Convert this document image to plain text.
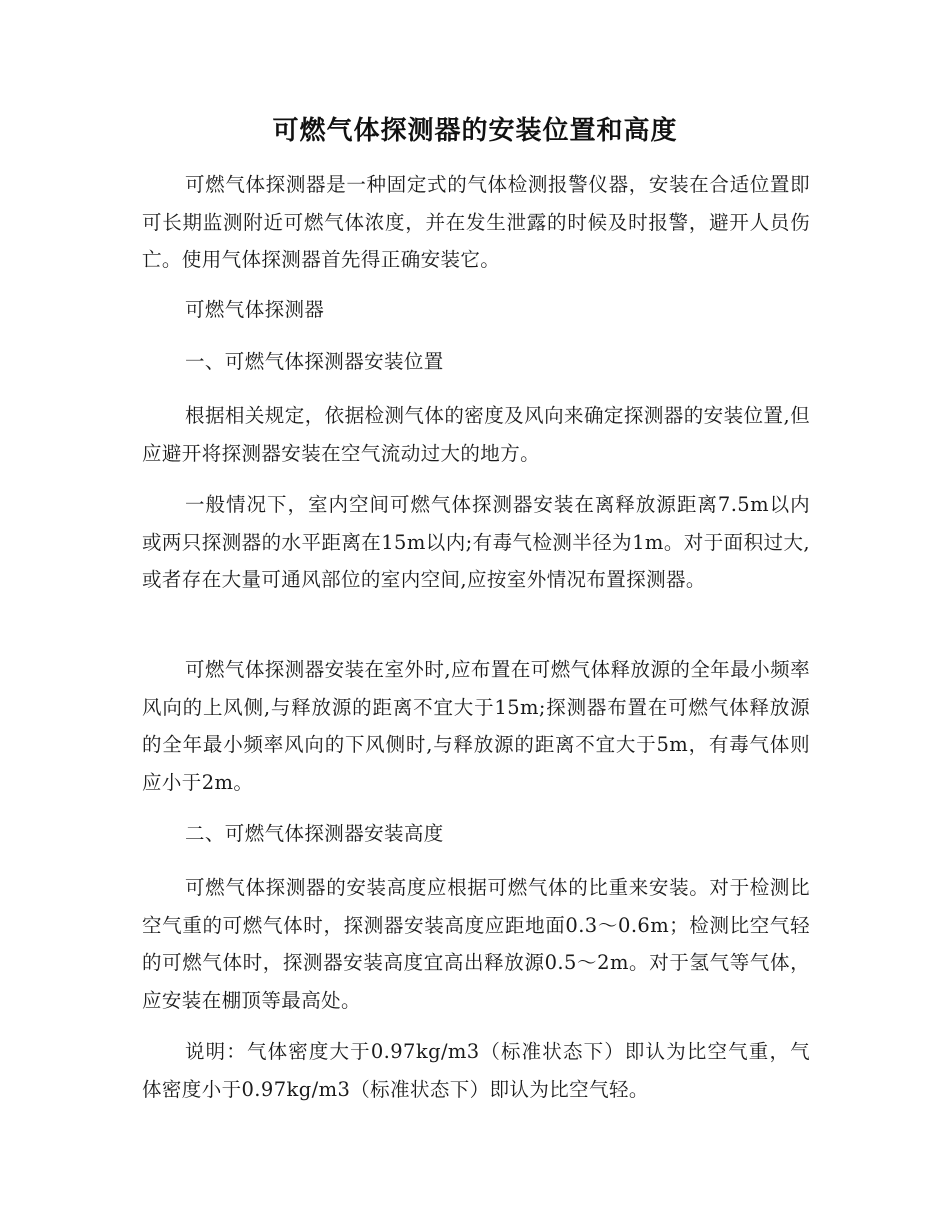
可燃气体探测器的安装位置和高度

可燃气体探测器是一种固定式的气体检测报警仪器，安装在合适位置即可长期监测附近可燃气体浓度，并在发生泄露的时候及时报警，避开人员伤亡。使用气体探测器首先得正确安装它。

可燃气体探测器

一、可燃气体探测器安装位置

根据相关规定，依据检测气体的密度及风向来确定探测器的安装位置,但应避开将探测器安装在空气流动过大的地方。

一般情况下，室内空间可燃气体探测器安装在离释放源距离7.5m以内或两只探测器的水平距离在15m以内;有毒气检测半径为1m。对于面积过大,或者存在大量可通风部位的室内空间,应按室外情况布置探测器。

可燃气体探测器安装在室外时,应布置在可燃气体释放源的全年最小频率风向的上风侧,与释放源的距离不宜大于15m;探测器布置在可燃气体释放源的全年最小频率风向的下风侧时,与释放源的距离不宜大于5m，有毒气体则应小于2m。

二、可燃气体探测器安装高度

可燃气体探测器的安装高度应根据可燃气体的比重来安装。对于检测比空气重的可燃气体时，探测器安装高度应距地面0.3～0.6m；检测比空气轻的可燃气体时，探测器安装高度宜高出释放源0.5～2m。对于氢气等气体，应安装在棚顶等最高处。

说明：气体密度大于0.97kg/m3（标准状态下）即认为比空气重，气体密度小于0.97kg/m3（标准状态下）即认为比空气轻。
